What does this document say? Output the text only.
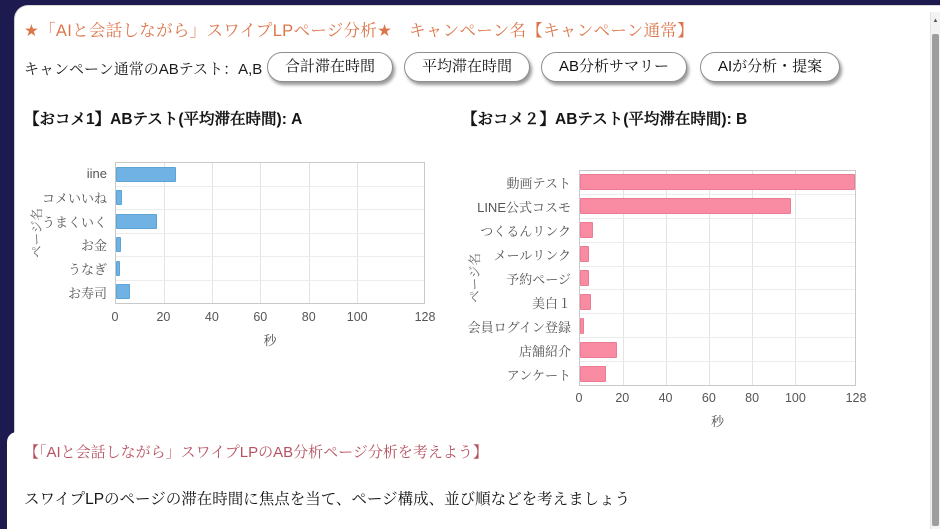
★「AIと会話しながら」スワイプLPページ分析★　キャンペーン名【キャンペーン通常】
キャンペーン通常のABテスト：A,B	合計滞在時間	平均滞在時間	AB分析サマリー	AIが分析・提案
【おコメ1】ABテスト(平均滞在時間): A
ページ名
iine
コメいいね
うまくいく
お金
うなぎ
お寿司
0	20	40	60	80 100	128
秒
【おコメ２】ABテスト(平均滞在時間): B
ページ名
動画テスト
LINE公式コスモ
つくるんリンク
メールリンク
予約ページ
美白１
会員ログイン登録
店舗紹介
アンケート
0	20 40 60 80 100	128
秒
【「AIと会話しながら」スワイプLPのAB分析ページ分析を考えよう】
スワイプLPのページの滞在時間に焦点を当て、ページ構成、並び順などを考えましょう
▲
